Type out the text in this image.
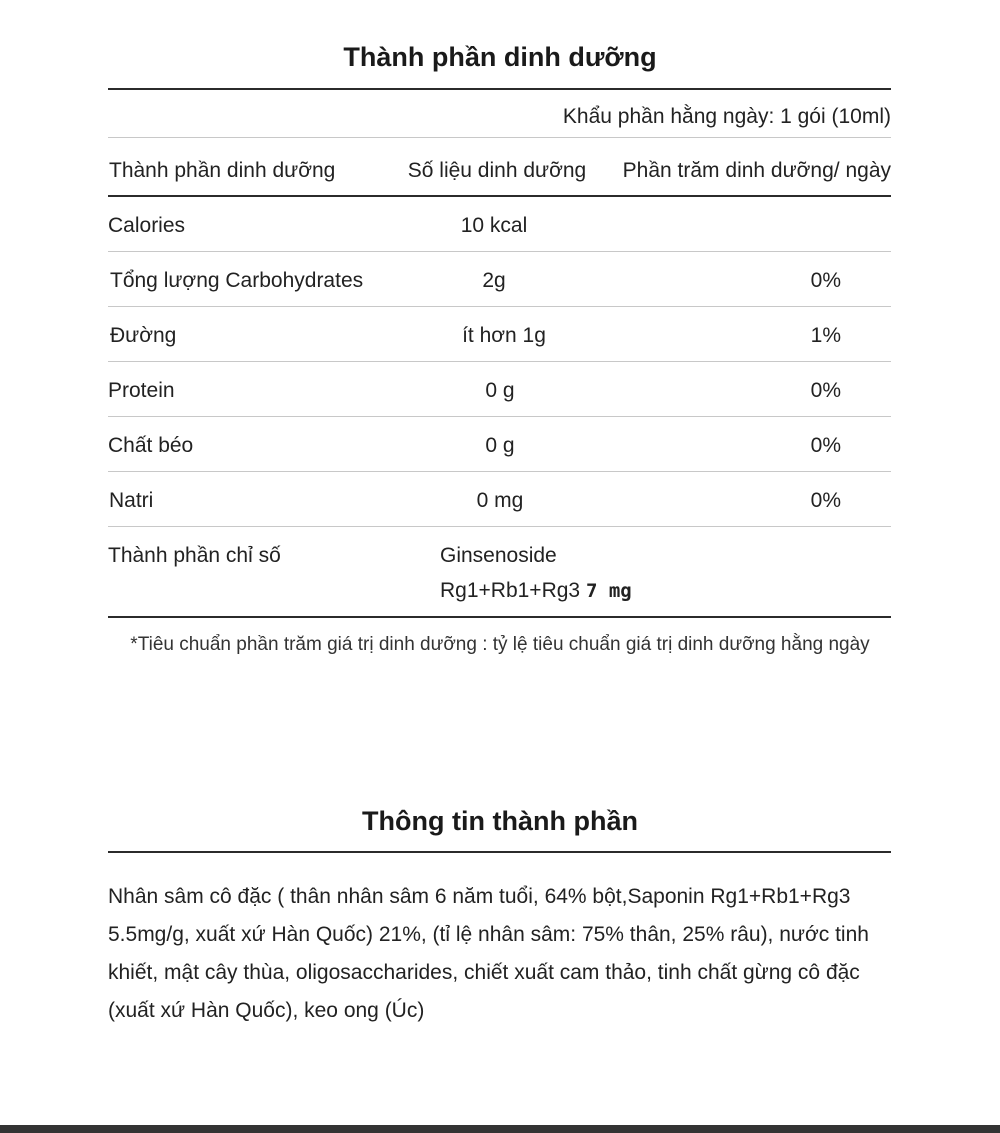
Thành phần dinh dưỡng
Khẩu phần hằng ngày: 1 gói (10ml)
Thành phần dinh dưỡng	Số liệu dinh dưỡng	Phần trăm dinh dưỡng/ ngày
Calories	10 kcal
Tổng lượng Carbohydrates	2g	0%
Đường	ít hơn 1g	1%
Protein	0 g	0%
Chất béo	0 g	0%
Natri	0 mg	0%
Thành phần chỉ số	Ginsenoside
Rg1+Rb1+Rg3 7 mg
*Tiêu chuẩn phần trăm giá trị dinh dưỡng : tỷ lệ tiêu chuẩn giá trị dinh dưỡng hằng ngày
Thông tin thành phần
Nhân sâm cô đặc ( thân nhân sâm 6 năm tuổi, 64% bột,Saponin Rg1+Rb1+Rg3 5.5mg/g, xuất xứ Hàn Quốc) 21%, (tỉ lệ nhân sâm: 75% thân, 25% râu), nước tinh khiết, mật cây thùa, oligosaccharides, chiết xuất cam thảo, tinh chất gừng cô đặc (xuất xứ Hàn Quốc), keo ong (Úc)
